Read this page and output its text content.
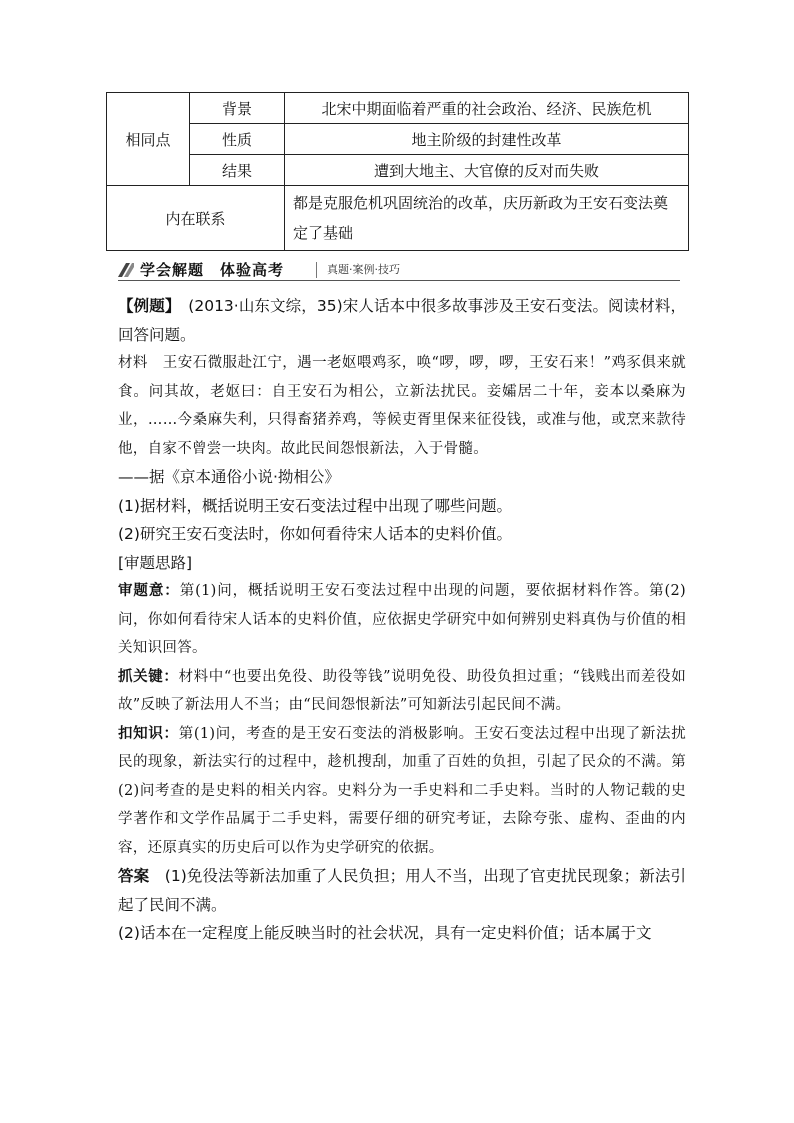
相同点	背景	北宋中期面临着严重的社会政治、经济、民族危机
	性质	地主阶级的封建性改革
	结果	遭到大地主、大官僚的反对而失败
内在联系		都是克服危机巩固统治的改革，庆历新政为王安石变法奠定了基础
学会解题　体验高考	真题·案例·技巧

【例题】　(2013·山东文综，35)宋人话本中很多故事涉及王安石变法。阅读材料，回答问题。

材料　王安石微服赴江宁，遇一老妪喂鸡豕，唤“啰，啰，啰，王安石来！”鸡豕俱来就食。问其故，老妪曰：自王安石为相公，立新法扰民。妾孀居二十年，妾本以桑麻为业，……今桑麻失利，只得畜猪养鸡，等候吏胥里保来征役钱，或准与他，或烹来款待他，自家不曾尝一块肉。故此民间怨恨新法，入于骨髓。

——据《京本通俗小说·拗相公》

(1)据材料，概括说明王安石变法过程中出现了哪些问题。

(2)研究王安石变法时，你如何看待宋人话本的史料价值。

[审题思路]

审题意：第(1)问，概括说明王安石变法过程中出现的问题，要依据材料作答。第(2)问，你如何看待宋人话本的史料价值，应依据史学研究中如何辨别史料真伪与价值的相关知识回答。

抓关键：材料中“也要出免役、助役等钱”说明免役、助役负担过重；“钱贱出而差役如故”反映了新法用人不当；由“民间怨恨新法”可知新法引起民间不满。

扣知识：第(1)问，考查的是王安石变法的消极影响。王安石变法过程中出现了新法扰民的现象，新法实行的过程中，趁机搜刮，加重了百姓的负担，引起了民众的不满。第(2)问考查的是史料的相关内容。史料分为一手史料和二手史料。当时的人物记载的史学著作和文学作品属于二手史料，需要仔细的研究考证，去除夸张、虚构、歪曲的内容，还原真实的历史后可以作为史学研究的依据。

答案　(1)免役法等新法加重了人民负担；用人不当，出现了官吏扰民现象；新法引起了民间不满。

(2)话本在一定程度上能反映当时的社会状况，具有一定史料价值；话本属于文
